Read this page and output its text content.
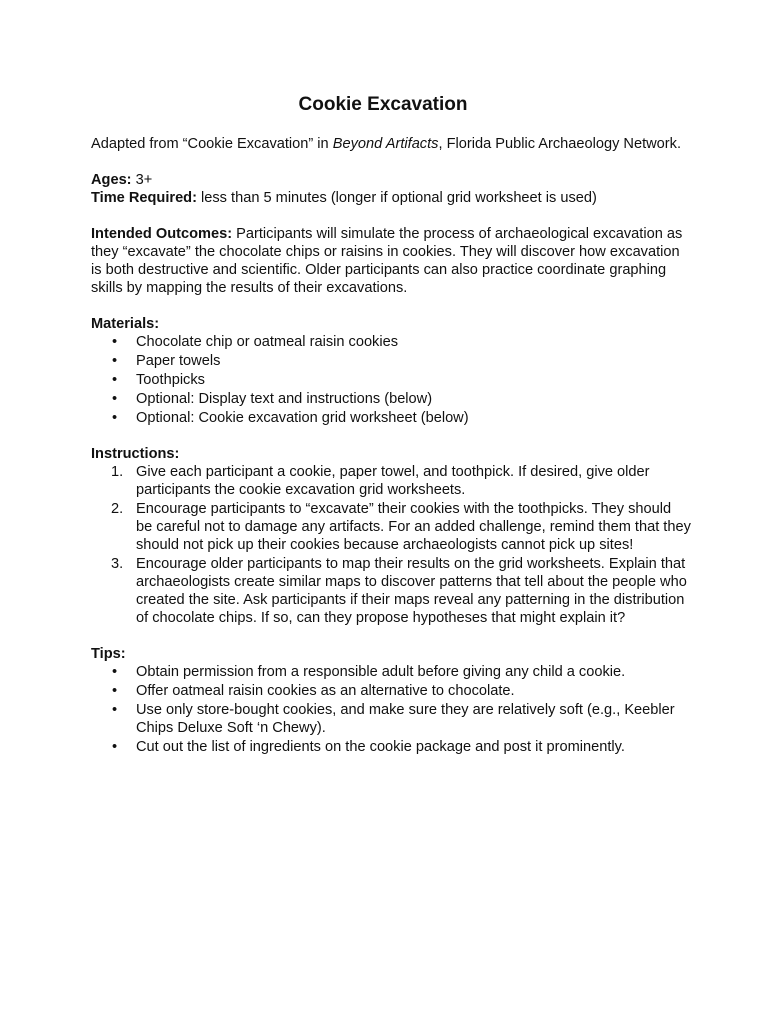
Cookie Excavation

Adapted from “Cookie Excavation” in Beyond Artifacts, Florida Public Archaeology Network.

Ages: 3+

Time Required: less than 5 minutes (longer if optional grid worksheet is used)

Intended Outcomes: Participants will simulate the process of archaeological excavation as they “excavate” the chocolate chips or raisins in cookies. They will discover how excavation is both destructive and scientific. Older participants can also practice coordinate graphing skills by mapping the results of their excavations.

Materials:

• Chocolate chip or oatmeal raisin cookies
• Paper towels
• Toothpicks
• Optional: Display text and instructions (below)
• Optional: Cookie excavation grid worksheet (below)

Instructions:

1. Give each participant a cookie, paper towel, and toothpick. If desired, give older participants the cookie excavation grid worksheets.
2. Encourage participants to “excavate” their cookies with the toothpicks. They should be careful not to damage any artifacts. For an added challenge, remind them that they should not pick up their cookies because archaeologists cannot pick up sites!
3. Encourage older participants to map their results on the grid worksheets. Explain that archaeologists create similar maps to discover patterns that tell about the people who created the site. Ask participants if their maps reveal any patterning in the distribution of chocolate chips. If so, can they propose hypotheses that might explain it?

Tips:

• Obtain permission from a responsible adult before giving any child a cookie.
• Offer oatmeal raisin cookies as an alternative to chocolate.
• Use only store-bought cookies, and make sure they are relatively soft (e.g., Keebler Chips Deluxe Soft ‘n Chewy).
• Cut out the list of ingredients on the cookie package and post it prominently.
